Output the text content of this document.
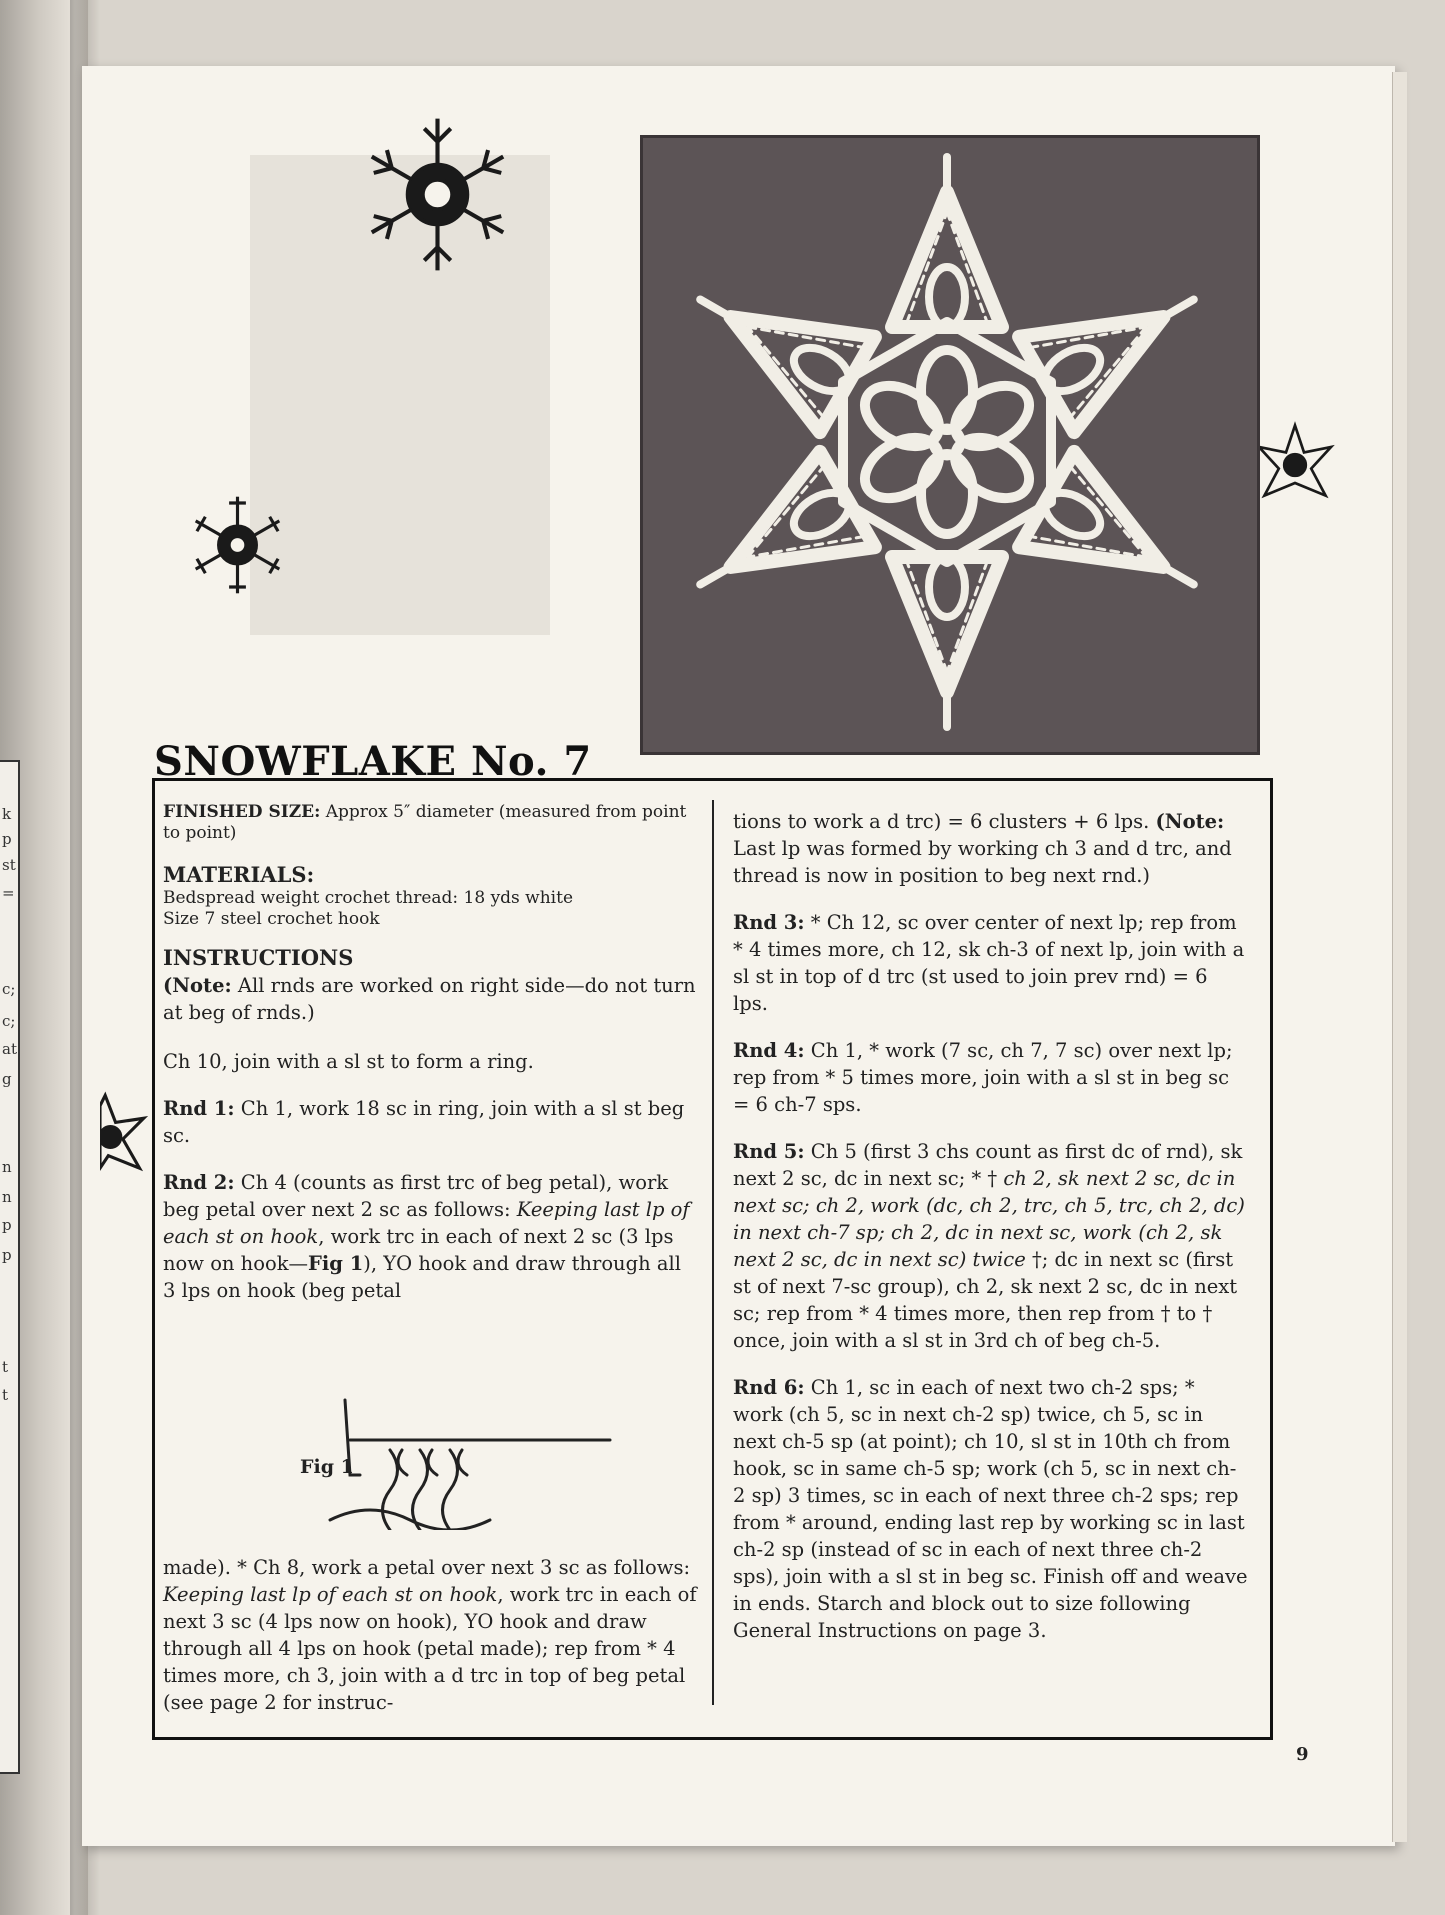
k
p
st
=
c;
c;
at
g
n
n
p
p
t
t
SNOWFLAKE No. 7

FINISHED SIZE: Approx 5″ diameter (measured from point to point)

MATERIALS:
Bedspread weight crochet thread: 18 yds white
Size 7 steel crochet hook

INSTRUCTIONS
(Note: All rnds are worked on right side—do not turn at beg of rnds.)

Ch 10, join with a sl st to form a ring.

Rnd 1: Ch 1, work 18 sc in ring, join with a sl st beg sc.

Rnd 2: Ch 4 (counts as first trc of beg petal), work beg petal over next 2 sc as follows: Keeping last lp of each st on hook, work trc in each of next 2 sc (3 lps now on hook—Fig 1), YO hook and draw through all 3 lps on hook (beg petal

Fig 1

made). * Ch 8, work a petal over next 3 sc as follows: Keeping last lp of each st on hook, work trc in each of next 3 sc (4 lps now on hook), YO hook and draw through all 4 lps on hook (petal made); rep from * 4 times more, ch 3, join with a d trc in top of beg petal (see page 2 for instruc-

tions to work a d trc) = 6 clusters + 6 lps. (Note: Last lp was formed by working ch 3 and d trc, and thread is now in position to beg next rnd.)

Rnd 3: * Ch 12, sc over center of next lp; rep from * 4 times more, ch 12, sk ch-3 of next lp, join with a sl st in top of d trc (st used to join prev rnd) = 6 lps.

Rnd 4: Ch 1, * work (7 sc, ch 7, 7 sc) over next lp; rep from * 5 times more, join with a sl st in beg sc = 6 ch-7 sps.

Rnd 5: Ch 5 (first 3 chs count as first dc of rnd), sk next 2 sc, dc in next sc; * † ch 2, sk next 2 sc, dc in next sc; ch 2, work (dc, ch 2, trc, ch 5, trc, ch 2, dc) in next ch-7 sp; ch 2, dc in next sc, work (ch 2, sk next 2 sc, dc in next sc) twice †; dc in next sc (first st of next 7-sc group), ch 2, sk next 2 sc, dc in next sc; rep from * 4 times more, then rep from † to † once, join with a sl st in 3rd ch of beg ch-5.

Rnd 6: Ch 1, sc in each of next two ch-2 sps; * work (ch 5, sc in next ch-2 sp) twice, ch 5, sc in next ch-5 sp (at point); ch 10, sl st in 10th ch from hook, sc in same ch-5 sp; work (ch 5, sc in next ch-2 sp) 3 times, sc in each of next three ch-2 sps; rep from * around, ending last rep by working sc in last ch-2 sp (instead of sc in each of next three ch-2 sps), join with a sl st in beg sc. Finish off and weave in ends. Starch and block out to size following General Instructions on page 3.

9
